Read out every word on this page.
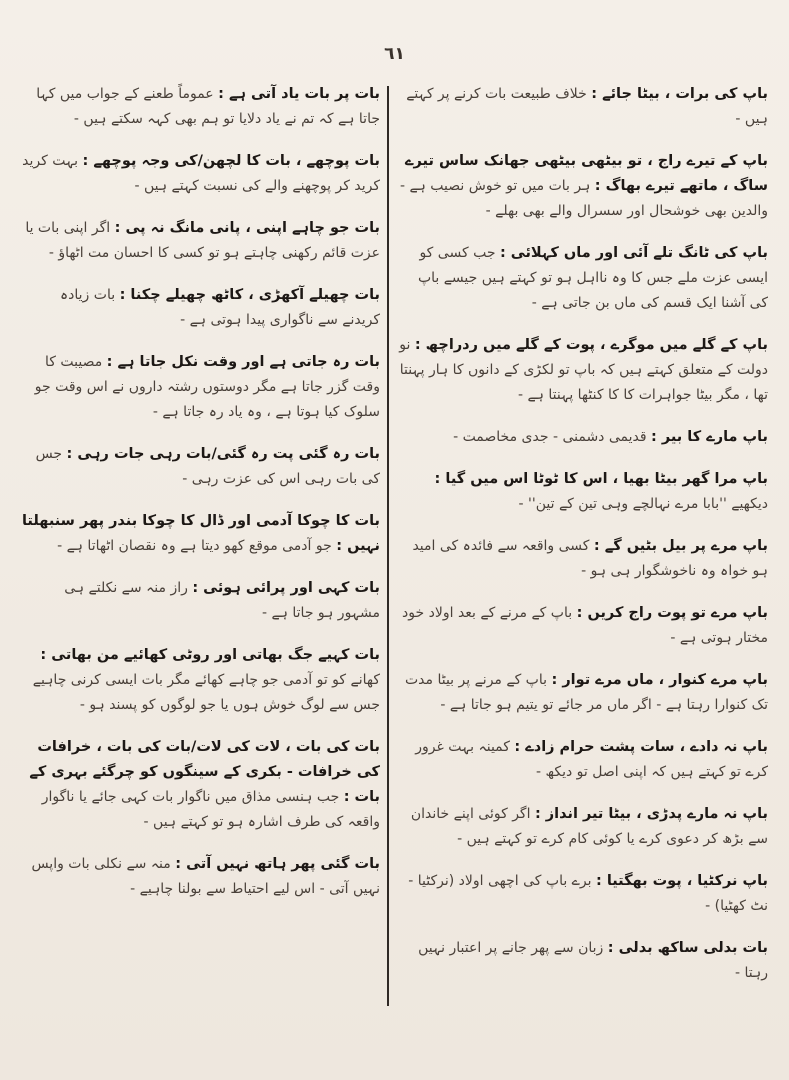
٦١
باپ کی برات ، بیٹا جائے : خلاف طبیعت بات کرنے پر کہتے ہیں -
باپ کے تیرے راج ، تو بیٹھی بیٹھی جھانک ساس تیرے ساگ ، ماتھے تیرے بھاگ : ہر بات میں تو خوش نصیب ہے - والدین بھی خوشحال اور سسرال والے بھی بھلے -
باپ کی ٹانگ تلے آئی اور ماں کہلائی : جب کسی کو ایسی عزت ملے جس کا وہ نااہل ہو تو کہتے ہیں جیسے باپ کی آشنا ایک قسم کی ماں بن جاتی ہے -
باپ کے گلے میں موگرے ، پوت کے گلے میں ردراچھ : نو دولت کے متعلق کہتے ہیں کہ باپ تو لکڑی کے دانوں کا ہار پہنتا تھا ، مگر بیٹا جواہرات کا کا کنٹھا پہنتا ہے -
باپ مارے کا بیر : قدیمی دشمنی - جدی مخاصمت -
باپ مرا گھر بیٹا بھیا ، اس کا ٹوٹا اس میں گیا : دیکھیے ''بابا مرے نہالچے وہی تین کے تین'' -
باپ مرے پر بیل بٹیں گے : کسی واقعہ سے فائدہ کی امید ہو خواہ وہ ناخوشگوار ہی ہو -
باپ مرے تو پوت راج کریں : باپ کے مرنے کے بعد اولاد خود مختار ہوتی ہے -
باپ مرے کنوار ، ماں مرے توار : باپ کے مرنے پر بیٹا مدت تک کنوارا رہتا ہے - اگر ماں مر جائے تو یتیم ہو جاتا ہے -
باپ نہ دادے ، سات پشت حرام زادے : کمینہ بہت غرور کرے تو کہتے ہیں کہ اپنی اصل تو دیکھ -
باپ نہ مارے پدڑی ، بیٹا تیر انداز : اگر کوئی اپنے خاندان سے بڑھ کر دعوی کرے یا کوئی کام کرے تو کہتے ہیں -
باپ نرکٹیا ، پوت بھگتیا : برے باپ کی اچھی اولاد (نرکٹیا - نٹ کھٹیا) -
بات بدلی ساکھ بدلی : زبان سے پھر جانے پر اعتبار نہیں رہتا -
بات پر بات یاد آتی ہے : عموماً طعنے کے جواب میں کہا جاتا ہے کہ تم نے یاد دلایا تو ہم بھی کہہ سکتے ہیں -
بات پوچھے ، بات کا لچھن/کی وجہ پوچھے : بہت کرید کرید کر پوچھنے والے کی نسبت کہتے ہیں -
بات جو چاہے اپنی ، پانی مانگ نہ پی : اگر اپنی بات یا عزت قائم رکھنی چاہتے ہو تو کسی کا احسان مت اٹھاؤ -
بات چھیلے آکھڑی ، کاٹھ چھیلے چکنا : بات زیادہ کریدنے سے ناگواری پیدا ہوتی ہے -
بات رہ جاتی ہے اور وقت نکل جاتا ہے : مصیبت کا وقت گزر جاتا ہے مگر دوستوں رشتہ داروں نے اس وقت جو سلوک کیا ہوتا ہے ، وہ یاد رہ جاتا ہے -
بات رہ گئی پت رہ گئی/بات رہی جات رہی : جس کی بات رہی اس کی عزت رہی -
بات کا چوکا آدمی اور ڈال کا چوکا بندر پھر سنبھلتا نہیں : جو آدمی موقع کھو دیتا ہے وہ نقصان اٹھاتا ہے -
بات کہی اور پرائی ہوئی : راز منہ سے نکلتے ہی مشہور ہو جاتا ہے -
بات کہیے جگ بھاتی اور روٹی کھائیے من بھاتی : کھانے کو تو آدمی جو چاہے کھائے مگر بات ایسی کرنی چاہیے جس سے لوگ خوش ہوں یا جو لوگوں کو پسند ہو -
بات کی بات ، لات کی لات/بات کی بات ، خرافات کی خرافات - بکری کے سینگوں کو چرگئے بہری کے بات : جب ہنسی مذاق میں ناگوار بات کہی جائے یا ناگوار واقعہ کی طرف اشارہ ہو تو کہتے ہیں -
بات گئی پھر ہاتھ نہیں آتی : منہ سے نکلی بات واپس نہیں آتی - اس لیے احتیاط سے بولنا چاہیے -
